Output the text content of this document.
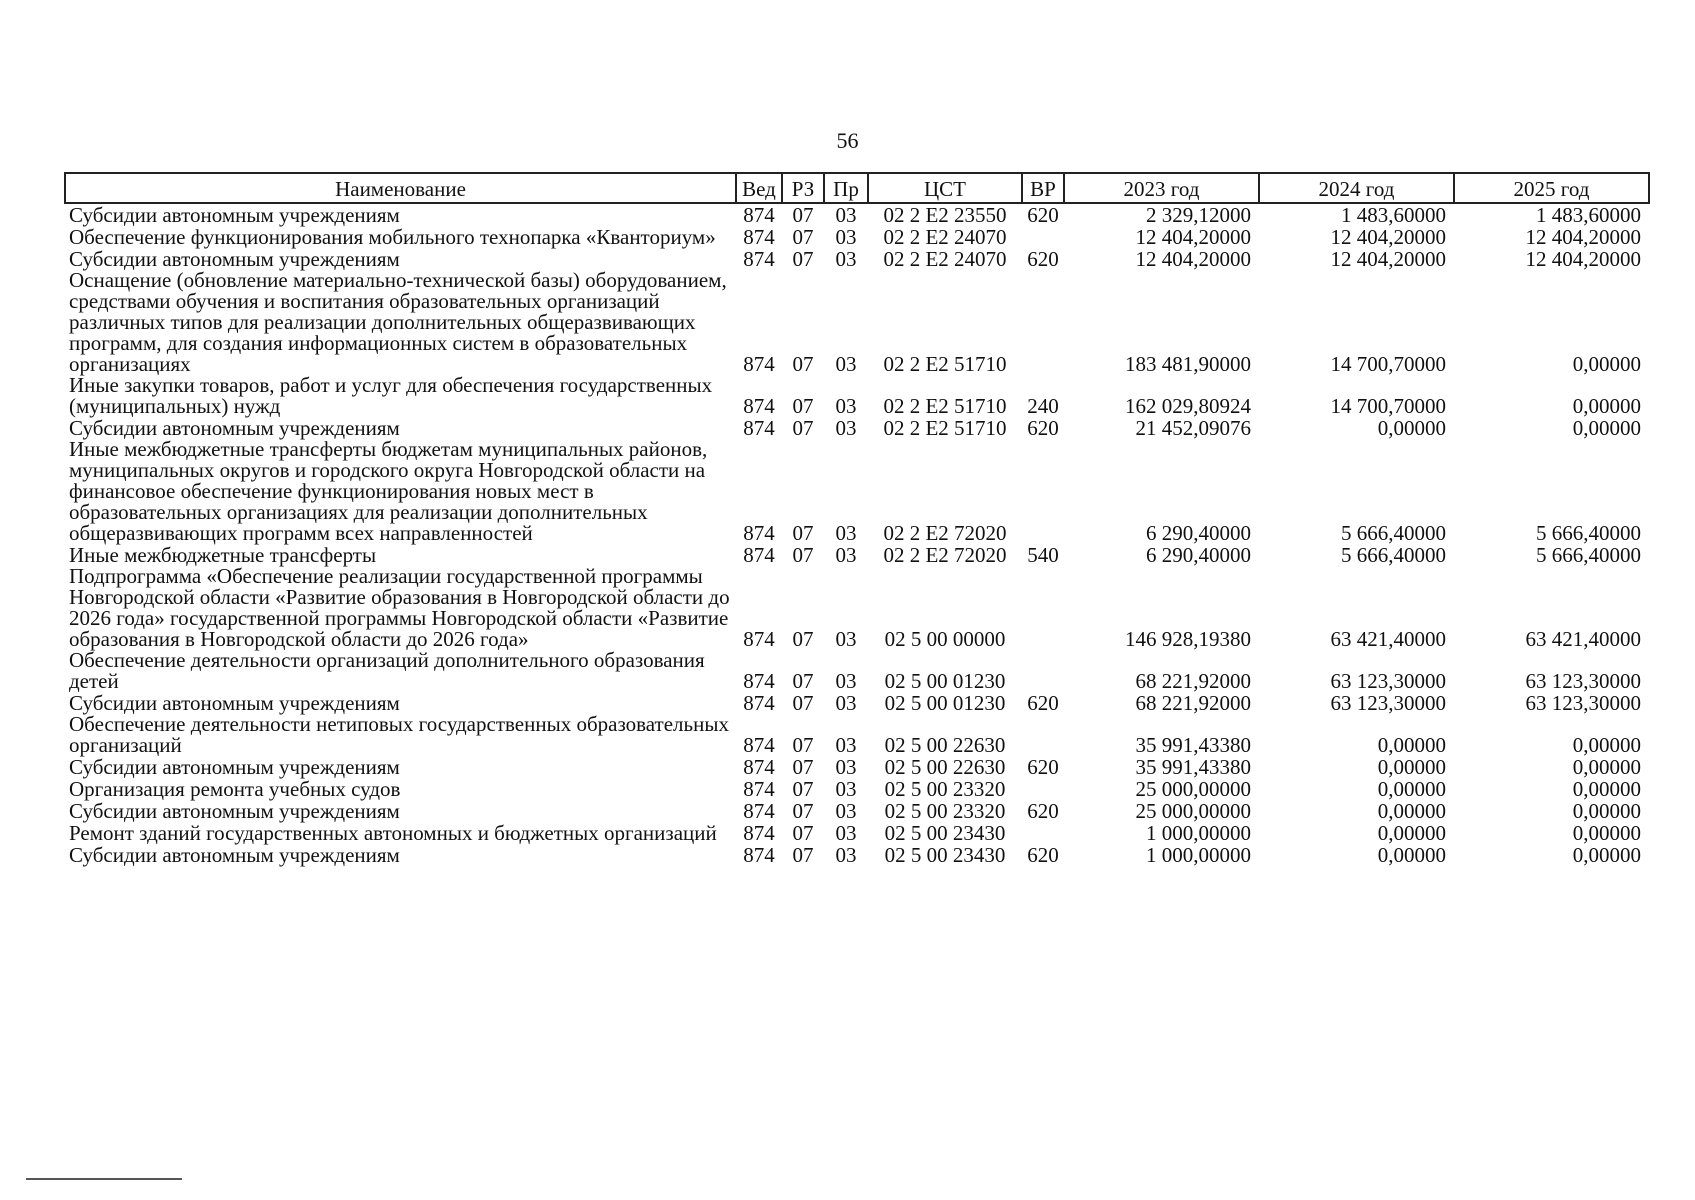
56
Наименование	Вед	РЗ	Пр	ЦСТ	ВР	2023 год	2024 год	2025 год
Субсидии автономным учреждениям	874	07	03	02 2 Е2 23550	620	2 329,12000	1 483,60000	1 483,60000
Обеспечение функционирования мобильного технопарка «Кванториум»	874	07	03	02 2 Е2 24070		12 404,20000	12 404,20000	12 404,20000
Субсидии автономным учреждениям	874	07	03	02 2 Е2 24070	620	12 404,20000	12 404,20000	12 404,20000
Оснащение (обновление материально-технической базы) оборудованием, средствами обучения и воспитания образовательных организаций различных типов для реализации дополнительных общеразвивающих программ, для создания информационных систем в образовательных организациях	874	07	03	02 2 Е2 51710		183 481,90000	14 700,70000	0,00000
Иные закупки товаров, работ и услуг для обеспечения государственных (муниципальных) нужд	874	07	03	02 2 Е2 51710	240	162 029,80924	14 700,70000	0,00000
Субсидии автономным учреждениям	874	07	03	02 2 Е2 51710	620	21 452,09076	0,00000	0,00000
Иные межбюджетные трансферты бюджетам муниципальных районов, муниципальных округов и городского округа Новгородской области на финансовое обеспечение функционирования новых мест в образовательных организациях для реализации дополнительных общеразвивающих программ всех направленностей	874	07	03	02 2 Е2 72020		6 290,40000	5 666,40000	5 666,40000
Иные межбюджетные трансферты	874	07	03	02 2 Е2 72020	540	6 290,40000	5 666,40000	5 666,40000
Подпрограмма «Обеспечение реализации государственной программы Новгородской области «Развитие образования в Новгородской области до 2026 года» государственной программы Новгородской области «Развитие образования в Новгородской области до 2026 года»	874	07	03	02 5 00 00000		146 928,19380	63 421,40000	63 421,40000
Обеспечение деятельности организаций дополнительного образования детей	874	07	03	02 5 00 01230		68 221,92000	63 123,30000	63 123,30000
Субсидии автономным учреждениям	874	07	03	02 5 00 01230	620	68 221,92000	63 123,30000	63 123,30000
Обеспечение деятельности нетиповых государственных образовательных организаций	874	07	03	02 5 00 22630		35 991,43380	0,00000	0,00000
Субсидии автономным учреждениям	874	07	03	02 5 00 22630	620	35 991,43380	0,00000	0,00000
Организация ремонта учебных судов	874	07	03	02 5 00 23320		25 000,00000	0,00000	0,00000
Субсидии автономным учреждениям	874	07	03	02 5 00 23320	620	25 000,00000	0,00000	0,00000
Ремонт зданий государственных автономных и бюджетных организаций	874	07	03	02 5 00 23430		1 000,00000	0,00000	0,00000
Субсидии автономным учреждениям	874	07	03	02 5 00 23430	620	1 000,00000	0,00000	0,00000
